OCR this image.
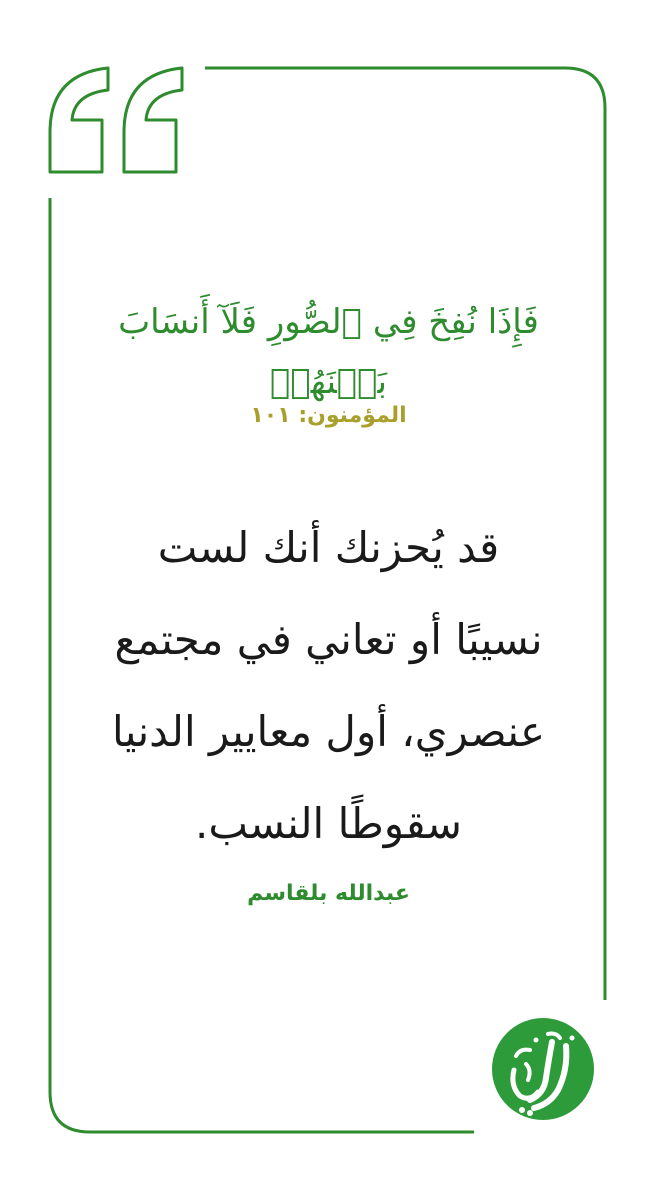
فَإِذَا نُفِخَ فِي ٱلصُّورِ فَلَآ أَنسَابَ بَيۡنَهُمۡ
المؤمنون: ١٠١
قد يُحزنك أنك لست
نسيبًا أو تعاني في مجتمع
عنصري، أول معايير الدنيا
سقوطًا النسب.
عبدالله بلقاسم
